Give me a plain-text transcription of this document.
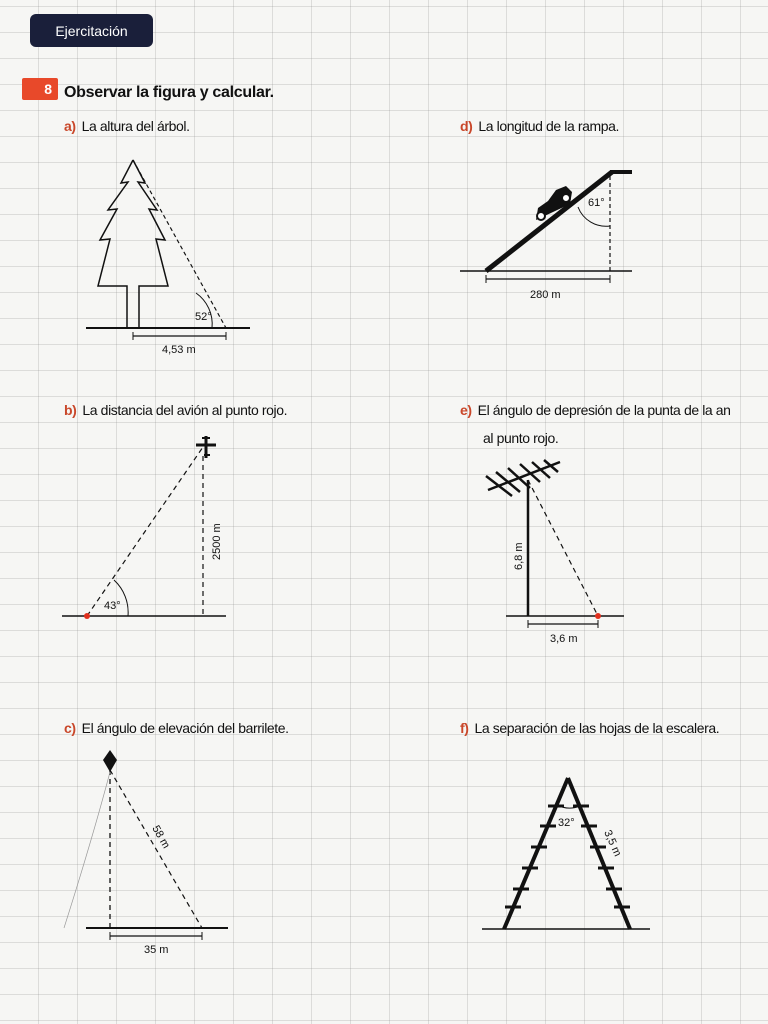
Ejercitación
8 Observar la figura y calcular.
a) La altura del árbol.	d) La longitud de la rampa.
b) La distancia del avión al punto rojo.	e) El ángulo de depresión de la punta de la an
al punto rojo.
c) El ángulo de elevación del barrilete.	f) La separación de las hojas de la escalera.
52°
4,53 m
61°
280 m
43°
2500 m	6,8 m
3,6 m
58 m
35 m
32°
3,5 m
